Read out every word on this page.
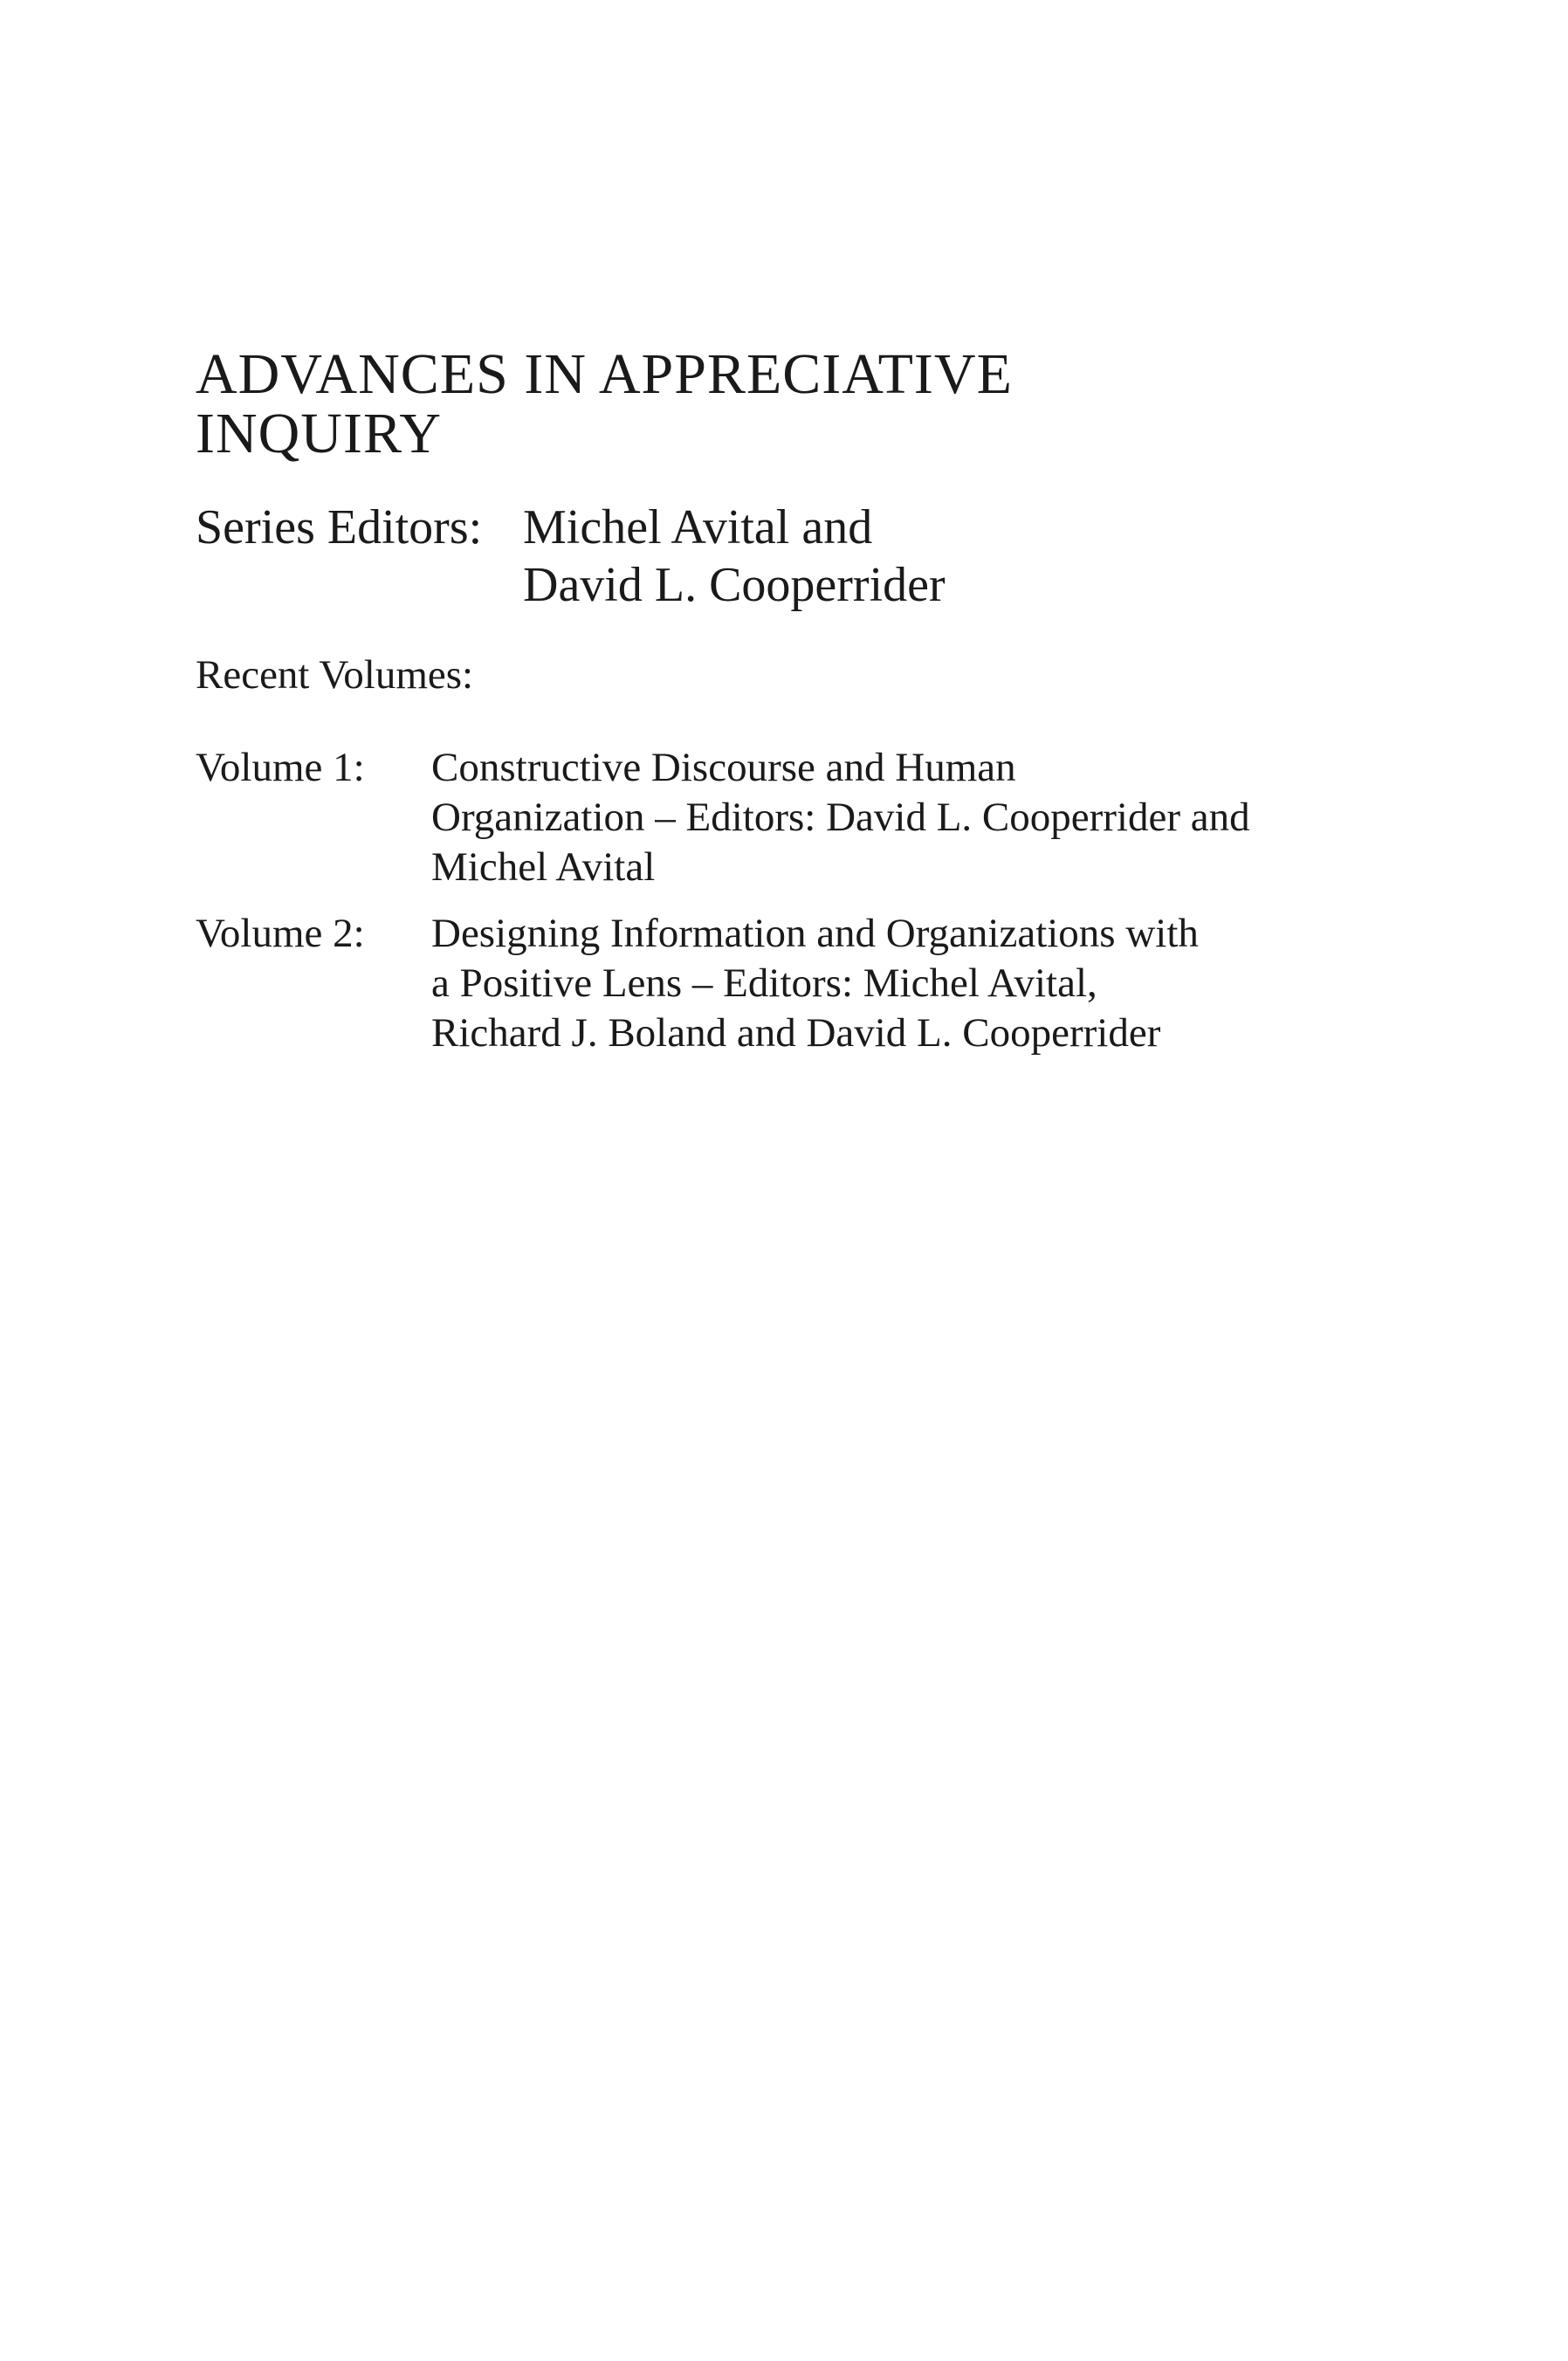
ADVANCES IN APPRECIATIVE
INQUIRY
Series Editors: Michel Avital and
David L. Cooperrider
Recent Volumes:
Volume 1:	Constructive Discourse and Human
Organization – Editors: David L. Cooperrider and
Michel Avital
Volume 2:	Designing Information and Organizations with
a Positive Lens – Editors: Michel Avital,
Richard J. Boland and David L. Cooperrider
